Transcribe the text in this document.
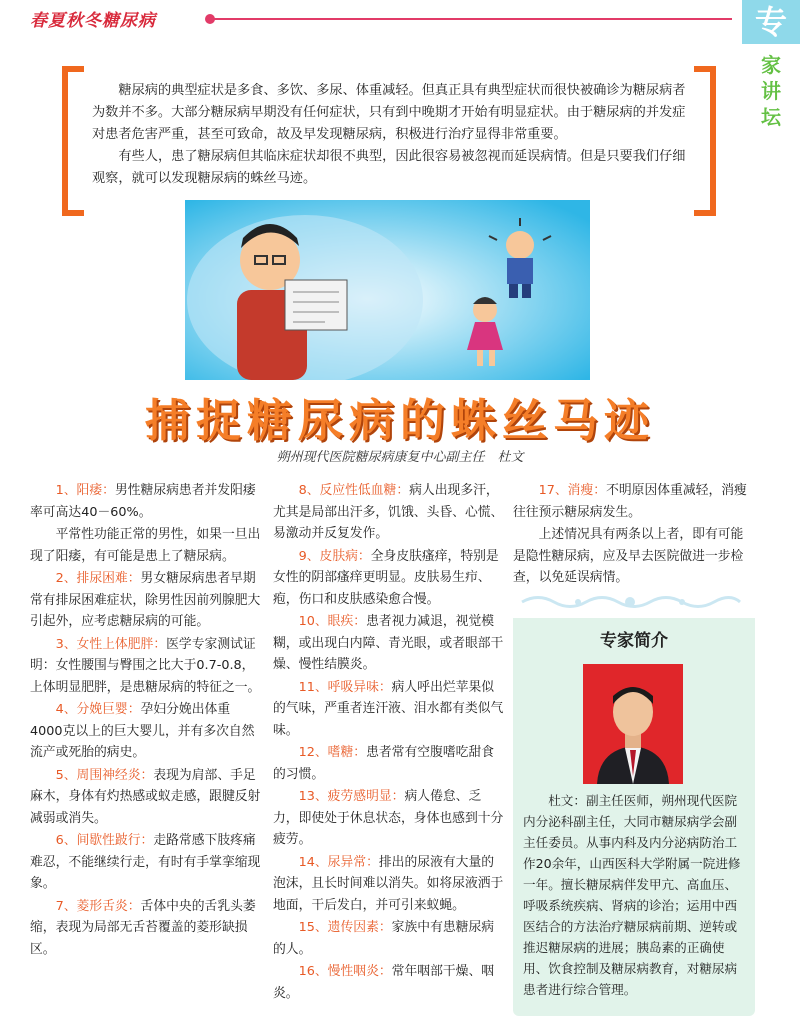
春夏秋冬糖尿病	专
家讲坛

糖尿病的典型症状是多食、多饮、多尿、体重减轻。但真正具有典型症状而很快被确诊为糖尿病者为数并不多。大部分糖尿病早期没有任何症状，只有到中晚期才开始有明显症状。由于糖尿病的并发症对患者危害严重，甚至可致命，故及早发现糖尿病，积极进行治疗显得非常重要。

有些人，患了糖尿病但其临床症状却很不典型，因此很容易被忽视而延误病情。但是只要我们仔细观察，就可以发现糖尿病的蛛丝马迹。

捕捉糖尿病的蛛丝马迹
朔州现代医院糖尿病康复中心副主任　杜文

1、阳痿：男性糖尿病患者并发阳痿率可高达40－60%。

平常性功能正常的男性，如果一旦出现了阳痿，有可能是患上了糖尿病。

2、排尿困难：男女糖尿病患者早期常有排尿困难症状，除男性因前列腺肥大引起外，应考虑糖尿病的可能。

3、女性上体肥胖：医学专家测试证明：女性腰围与臀围之比大于0.7-0.8，上体明显肥胖，是患糖尿病的特征之一。

4、分娩巨婴：孕妇分娩出体重4000克以上的巨大婴儿，并有多次自然流产或死胎的病史。

5、周围神经炎：表现为肩部、手足麻木，身体有灼热感或蚁走感，跟腱反射减弱或消失。

6、间歇性跛行：走路常感下肢疼痛难忍，不能继续行走，有时有手掌挛缩现象。

7、菱形舌炎：舌体中央的舌乳头萎缩，表现为局部无舌苔覆盖的菱形缺损区。

8、反应性低血糖：病人出现多汗，尤其是局部出汗多，饥饿、头昏、心慌、易激动并反复发作。

9、皮肤病：全身皮肤瘙痒，特别是女性的阴部瘙痒更明显。皮肤易生疖、疱，伤口和皮肤感染愈合慢。

10、眼疾：患者视力减退，视觉模糊，或出现白内障、青光眼，或者眼部干燥、慢性结膜炎。

11、呼吸异味：病人呼出烂苹果似的气味，严重者连汗液、泪水都有类似气味。

12、嗜糖：患者常有空腹嗜吃甜食的习惯。

13、疲劳感明显：病人倦怠、乏力，即使处于休息状态，身体也感到十分疲劳。

14、尿异常：排出的尿液有大量的泡沫，且长时间难以消失。如将尿液洒于地面，干后发白，并可引来蚁蝇。

15、遗传因素：家族中有患糖尿病的人。

16、慢性咽炎：常年咽部干燥、咽炎。

17、消瘦：不明原因体重减轻，消瘦往往预示糖尿病发生。

上述情况具有两条以上者，即有可能是隐性糖尿病，应及早去医院做进一步检查，以免延误病情。

专家简介

杜文：副主任医师，朔州现代医院内分泌科副主任，大同市糖尿病学会副主任委员。从事内科及内分泌病防治工作20余年，山西医科大学附属一院进修一年。擅长糖尿病伴发甲亢、高血压、呼吸系统疾病、肾病的诊治；运用中西医结合的方法治疗糖尿病前期、逆转或推迟糖尿病的进展；胰岛素的正确使用、饮食控制及糖尿病教育，对糖尿病患者进行综合管理。
